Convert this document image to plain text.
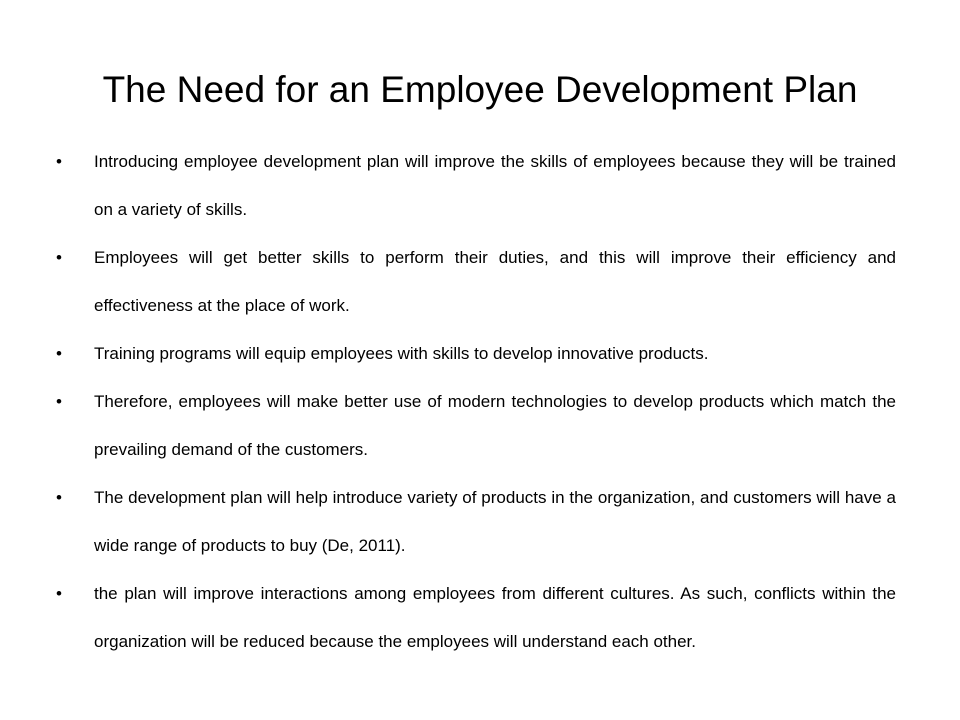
The Need for an Employee Development Plan
•	Introducing employee development plan will improve the skills of employees because they will be trained on a variety of skills.
•	Employees will get better skills to perform their duties, and this will improve their efficiency and effectiveness at the place of work.
•	Training programs will equip employees with skills to develop innovative products.
•	Therefore, employees will make better use of modern technologies to develop products which match the prevailing demand of the customers.
•	The development plan will help introduce variety of products in the organization, and customers will have a wide range of products to buy (De, 2011).
•	the plan will improve interactions among employees from different cultures. As such, conflicts within the organization will be reduced because the employees will understand each other.
